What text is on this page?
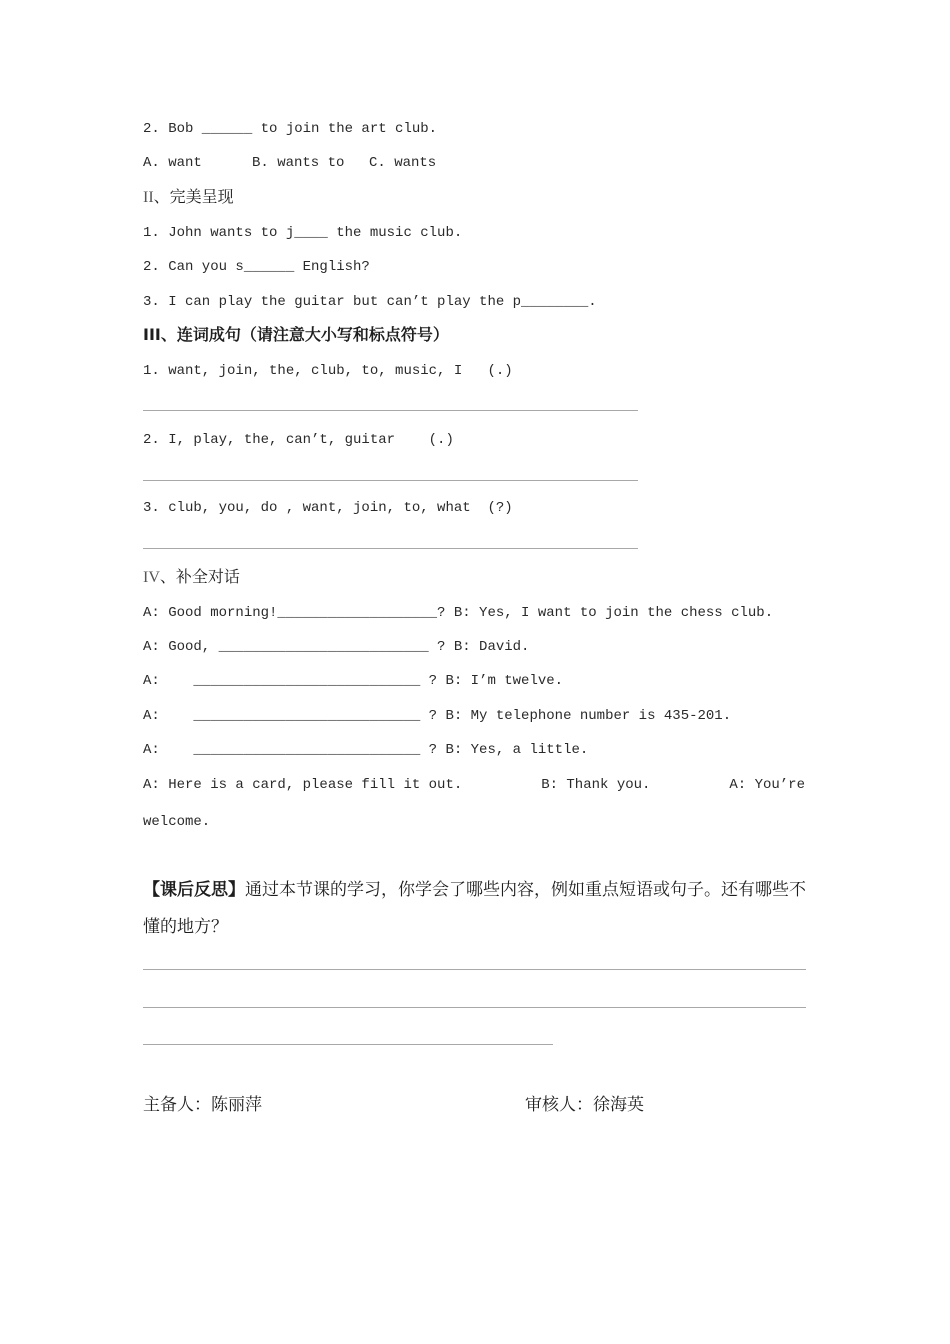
2. Bob ______ to join the art club.
A. want	B. wants to C. wants
II、完美呈现
1. John wants to j____ the music club.
2. Can you s______ English?
3. I can play the guitar but can’t play the p________.
III、连词成句（请注意大小写和标点符号）
1. want, join, the, club, to, music, I   (.)
2. I, play, the, can’t, guitar    (.)
3. club, you, do , want, join, to, what  (?)
IV、补全对话
A: Good morning!___________________? B: Yes, I want to join the chess club.
A: Good, _________________________ ? B: David.
A:    ___________________________ ? B: I’m twelve.
A:    ___________________________ ? B: My telephone number is 435-201.
A:    ___________________________ ? B: Yes, a little.
A: Here is a card, please fill it out.	B: Thank you.	A: You’re
welcome.
【课后反思】通过本节课的学习，你学会了哪些内容，例如重点短语或句子。还有哪些不
懂的地方？
主备人：陈丽萍	审核人：徐海英
